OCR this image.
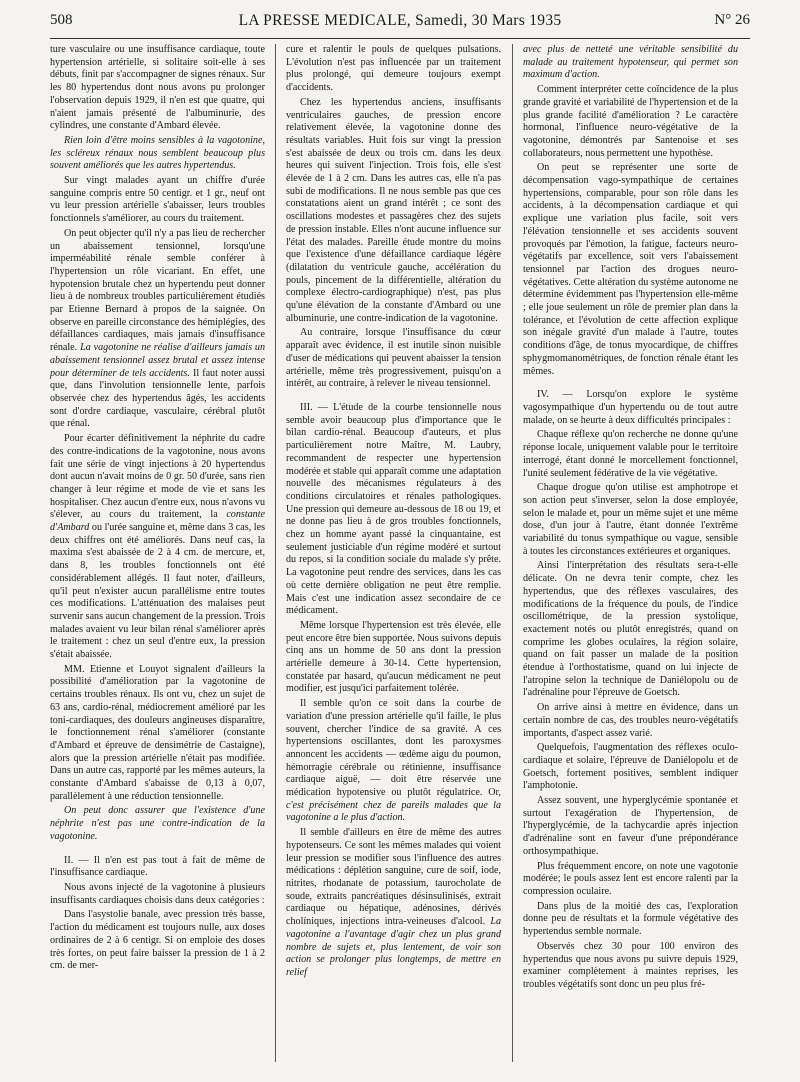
508	LA PRESSE MEDICALE, Samedi, 30 Mars 1935	N° 26

ture vasculaire ou une insuffisance cardiaque, toute hypertension artérielle, si solitaire soit-elle à ses débuts, finit par s'accompagner de signes rénaux. Sur les 80 hypertendus dont nous avons pu prolonger l'observation depuis 1929, il n'en est que quatre, qui n'aient jamais présenté de l'albuminurie, des cylindres, une constante d'Ambard élevée.

Rien loin d'être moins sensibles à la vagotonine, les scléreux rénaux nous semblent beaucoup plus souvent améliorés que les autres hypertendus.

Sur vingt malades ayant un chiffre d'urée sanguine compris entre 50 centigr. et 1 gr., neuf ont vu leur pression artérielle s'abaisser, leurs troubles fonctionnels s'améliorer, au cours du traitement.

On peut objecter qu'il n'y a pas lieu de rechercher un abaissement tensionnel, lorsqu'une imperméabilité rénale semble conférer à l'hypertension un rôle vicariant. En effet, une hypotension brutale chez un hypertendu peut donner lieu à de nombreux troubles particulièrement étudiés par Etienne Bernard à propos de la saignée. On observe en pareille circonstance des hémiplégies, des défaillances cardiaques, mais jamais d'insuffisance rénale. La vagotonine ne réalise d'ailleurs jamais un abaissement tensionnel assez brutal et assez intense pour déterminer de tels accidents. Il faut noter aussi que, dans l'involution tensionnelle lente, parfois observée chez des hypertendus âgés, les accidents sont d'ordre cardiaque, vasculaire, cérébral plutôt que rénal.

Pour écarter définitivement la néphrite du cadre des contre-indications de la vagotonine, nous avons fait une série de vingt injections à 20 hypertendus dont aucun n'avait moins de 0 gr. 50 d'urée, sans rien changer à leur régime et mode de vie et sans les hospitaliser. Chez aucun d'entre eux, nous n'avons vu s'élever, au cours du traitement, la constante d'Ambard ou l'urée sanguine et, même dans 3 cas, les deux chiffres ont été améliorés. Dans neuf cas, la maxima s'est abaissée de 2 à 4 cm. de mercure, et, dans 8, les troubles fonctionnels ont été considérablement allégés. Il faut noter, d'ailleurs, qu'il peut n'exister aucun parallélisme entre toutes ces modifications. L'atténuation des malaises peut survenir sans aucun changement de la pression. Trois malades avaient vu leur bilan rénal s'améliorer après le traitement : chez un seul d'entre eux, la pression s'était abaissée.

MM. Etienne et Louyot signalent d'ailleurs la possibilité d'amélioration par la vagotonine de certains troubles rénaux. Ils ont vu, chez un sujet de 63 ans, cardio-rénal, médiocrement amélioré par les toni-cardiaques, des douleurs angineuses disparaître, le fonctionnement rénal s'améliorer (constante d'Ambard et épreuve de densimétrie de Castaigne), alors que la pression artérielle n'était pas modifiée. Dans un autre cas, rapporté par les mêmes auteurs, la constante d'Ambard s'abaisse de 0,13 à 0,07, parallèlement à une réduction tensionnelle.

On peut donc assurer que l'existence d'une néphrite n'est pas une contre-indication de la vagotonine.

II. — Il n'en est pas tout à fait de même de l'insuffisance cardiaque.

Nous avons injecté de la vagotonine à plusieurs insuffisants cardiaques choisis dans deux catégories :

Dans l'asystolie banale, avec pression très basse, l'action du médicament est toujours nulle, aux doses ordinaires de 2 à 6 centigr. Si on emploie des doses très fortes, on peut faire baisser la pression de 1 à 2 cm. de mer-

cure et ralentir le pouls de quelques pulsations. L'évolution n'est pas influencée par un traitement plus prolongé, qui demeure toujours exempt d'accidents.

Chez les hypertendus anciens, insuffisants ventriculaires gauches, de pression encore relativement élevée, la vagotonine donne des résultats variables. Huit fois sur vingt la pression s'est abaissée de deux ou trois cm. dans les deux heures qui suivent l'injection. Trois fois, elle s'est élevée de 1 à 2 cm. Dans les autres cas, elle n'a pas subi de modifications. Il ne nous semble pas que ces constatations aient un grand intérêt ; ce sont des oscillations modestes et passagères chez des sujets de pression instable. Elles n'ont aucune influence sur l'état des malades. Pareille étude montre du moins que l'existence d'une défaillance cardiaque légère (dilatation du ventricule gauche, accélération du pouls, pincement de la différentielle, altération du complexe électro-cardiographique) n'est, pas plus qu'une élévation de la constante d'Ambard ou une albuminurie, une contre-indication de la vagotonine.

Au contraire, lorsque l'insuffisance du cœur apparaît avec évidence, il est inutile sinon nuisible d'user de médications qui peuvent abaisser la tension artérielle, même très progressivement, puisqu'on a intérêt, au contraire, à relever le niveau tensionnel.

III. — L'étude de la courbe tensionnelle nous semble avoir beaucoup plus d'importance que le bilan cardio-rénal. Beaucoup d'auteurs, et plus particulièrement notre Maître, M. Laubry, recommandent de respecter une hypertension modérée et stable qui apparaît comme une adaptation nouvelle des mécanismes régulateurs à des conditions circulatoires et rénales pathologiques. Une pression qui demeure au-dessous de 18 ou 19, et ne donne pas lieu à de gros troubles fonctionnels, chez un homme ayant passé la cinquantaine, est seulement justiciable d'un régime modéré et surtout du repos, si la condition sociale du malade s'y prête. La vagotonine peut rendre des services, dans les cas où cette dernière obligation ne peut être remplie. Mais c'est une indication assez secondaire de ce médicament.

Même lorsque l'hypertension est très élevée, elle peut encore être bien supportée. Nous suivons depuis cinq ans un homme de 50 ans dont la pression artérielle demeure à 30-14. Cette hypertension, constatée par hasard, qu'aucun médicament ne peut modifier, est jusqu'ici parfaitement tolérée.

Il semble qu'on ce soit dans la courbe de variation d'une pression artérielle qu'il faille, le plus souvent, chercher l'indice de sa gravité. A ces hypertensions oscillantes, dont les paroxysmes annoncent les accidents — œdème aigu du poumon, hémorragie cérébrale ou rétinienne, insuffisance cardiaque aiguë, — doit être réservée une médication hypotensive ou plutôt régulatrice. Or, c'est précisément chez de pareils malades que la vagotonine a le plus d'action.

Il semble d'ailleurs en être de même des autres hypotenseurs. Ce sont les mêmes malades qui voient leur pression se modifier sous l'influence des autres médications : déplétion sanguine, cure de soif, iode, nitrites, rhodanate de potassium, taurocholate de soude, extraits pancréatiques désinsulinisés, extrait cardiaque ou hépatique, adénosines, dérivés cholíniques, injections intra-veineuses d'alcool. La vagotonine a l'avantage d'agir chez un plus grand nombre de sujets et, plus lentement, de voir son action se prolonger plus longtemps, de mettre en relief

avec plus de netteté une véritable sensibilité du malade au traitement hypotenseur, qui permet son maximum d'action.

Comment interpréter cette coïncidence de la plus grande gravité et variabilité de l'hypertension et de la plus grande facilité d'amélioration ? Le caractère hormonal, l'influence neuro-végétative de la vagotonine, démontrés par Santenoise et ses collaborateurs, nous permettent une hypothèse.

On peut se représenter une sorte de décompensation vago-sympathique de certaines hypertensions, comparable, pour son rôle dans les accidents, à la décompensation cardiaque et qui explique une variation plus facile, soit vers l'élévation tensionnelle et ses accidents souvent provoqués par l'émotion, la fatigue, facteurs neuro-végétatifs par excellence, soit vers l'abaissement tensionnel par l'action des drogues neuro-végétatives. Cette altération du système autonome ne détermine évidemment pas l'hypertension elle-même ; elle joue seulement un rôle de premier plan dans la tolérance, et l'évolution de cette affection explique son inégale gravité d'un malade à l'autre, toutes conditions d'âge, de tonus myocardique, de chiffres sphygmomanométriques, de fonction rénale étant les mêmes.

IV. — Lorsqu'on explore le système vagosympathique d'un hypertendu ou de tout autre malade, on se heurte à deux difficultés principales :

Chaque réflexe qu'on recherche ne donne qu'une réponse locale, uniquement valable pour le territoire interrogé, étant donné le morcellement fonctionnel, l'unité seulement fédérative de la vie végétative.

Chaque drogue qu'on utilise est amphotrope et son action peut s'inverser, selon la dose employée, selon le malade et, pour un même sujet et une même dose, d'un jour à l'autre, étant donnée l'extrême variabilité du tonus sympathique ou vague, sensible à toutes les circonstances extérieures et organiques.

Ainsi l'interprétation des résultats sera-t-elle délicate. On ne devra tenir compte, chez les hypertendus, que des réflexes vasculaires, des modifications de la fréquence du pouls, de l'indice oscillométrique, de la pression systolique, exactement notés ou plutôt enregistrés, quand on comprime les globes oculaires, la région solaire, quand on fait passer un malade de la position étendue à l'orthostatisme, quand on lui injecte de l'atropine selon la technique de Daniélopolu ou de l'adrénaline pour l'épreuve de Goetsch.

On arrive ainsi à mettre en évidence, dans un certain nombre de cas, des troubles neuro-végétatifs importants, d'aspect assez varié.

Quelquefois, l'augmentation des réflexes oculo-cardiaque et solaire, l'épreuve de Daniélopolu et de Goetsch, fortement positives, semblent indiquer l'amphotonie.

Assez souvent, une hyperglycémie spontanée et surtout l'exagération de l'hypertension, de l'hyperglycémie, de la tachycardie après injection d'adrénaline sont en faveur d'une prépondérance orthosympathique.

Plus fréquemment encore, on note une vagotonie modérée; le pouls assez lent est encore ralenti par la compression oculaire.

Dans plus de la moitié des cas, l'exploration donne peu de résultats et la formule végétative des hypertendus semble normale.

Observés chez 30 pour 100 environ des hypertendus que nous avons pu suivre depuis 1929, examiner complètement à maintes reprises, les troubles végétatifs sont donc un peu plus fré-
